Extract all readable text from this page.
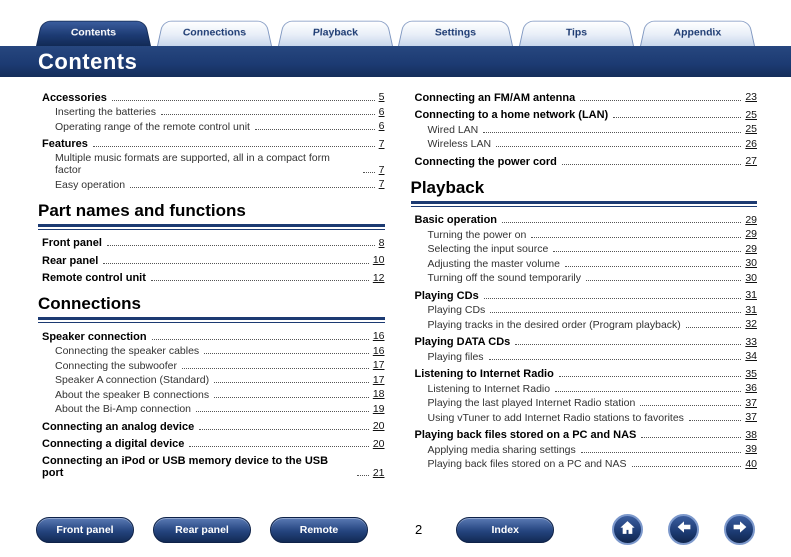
Contents	Connections	Playback	Settings	Tips	Appendix
Contents
Accessories	5
Inserting the batteries	6
Operating range of the remote control unit	6
Features	7
Multiple music formats are supported, all in a compact form factor	7
Easy operation	7
Part names and functions
Front panel	8
Rear panel	10
Remote control unit	12
Connections
Speaker connection	16
Connecting the speaker cables	16
Connecting the subwoofer	17
Speaker A connection (Standard)	17
About the speaker B connections	18
About the Bi-Amp connection	19
Connecting an analog device	20
Connecting a digital device	20
Connecting an iPod or USB memory device to the USB port	21
Connecting an FM/AM antenna	23
Connecting to a home network (LAN)	25
Wired LAN	25
Wireless LAN	26
Connecting the power cord	27
Playback
Basic operation	29
Turning the power on	29
Selecting the input source	29
Adjusting the master volume	30
Turning off the sound temporarily	30
Playing CDs	31
Playing CDs	31
Playing tracks in the desired order (Program playback)	32
Playing DATA CDs	33
Playing files	34
Listening to Internet Radio	35
Listening to Internet Radio	36
Playing the last played Internet Radio station	37
Using vTuner to add Internet Radio stations to favorites	37
Playing back files stored on a PC and NAS	38
Applying media sharing settings	39
Playing back files stored on a PC and NAS	40
Front panel	Rear panel	Remote	2	Index
